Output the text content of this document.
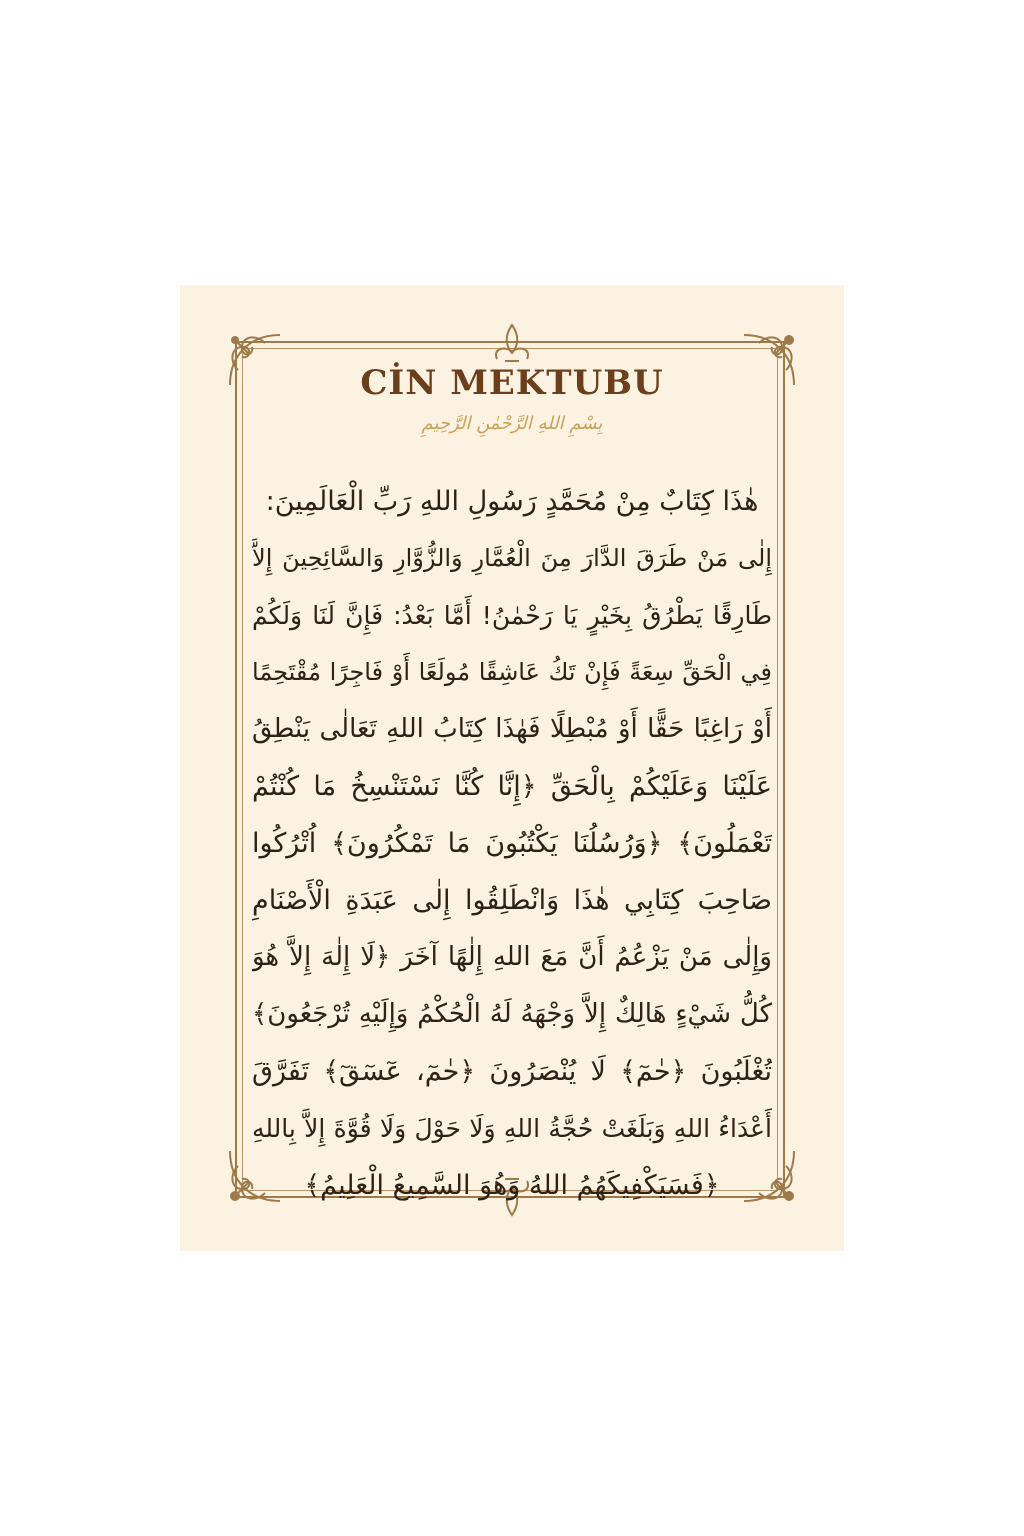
CİN MEKTUBU
بِسْمِ اللهِ الرَّحْمٰنِ الرَّحِيمِ
هٰذَا كِتَابٌ مِنْ مُحَمَّدٍ رَسُولِ اللهِ رَبِّ الْعَالَمِينَ:
إِلٰى مَنْ طَرَقَ الدَّارَ مِنَ الْعُمَّارِ وَالزُّوَّارِ وَالسَّائِحِينَ إِلاَّ
طَارِقًا يَطْرُقُ بِخَيْرٍ يَا رَحْمٰنُ! أَمَّا بَعْدُ: فَإِنَّ لَنَا وَلَكُمْ
فِي الْحَقِّ سِعَةً فَإِنْ تَكُ عَاشِقًا مُولَعًا أَوْ فَاجِرًا مُقْتَحِمًا
أَوْ رَاغِبًا حَقًّا أَوْ مُبْطِلًا فَهٰذَا كِتَابُ اللهِ تَعَالٰى يَنْطِقُ
عَلَيْنَا وَعَلَيْكُمْ بِالْحَقِّ ﴿إِنَّا كُنَّا نَسْتَنْسِخُ مَا كُنْتُمْ
تَعْمَلُونَ﴾ ﴿وَرُسُلُنَا يَكْتُبُونَ مَا تَمْكُرُونَ﴾ اُتْرُكُوا
صَاحِبَ كِتَابِي هٰذَا وَانْطَلِقُوا إِلٰى عَبَدَةِ الْأَصْنَامِ
وَإِلٰى مَنْ يَزْعُمُ أَنَّ مَعَ اللهِ إِلٰهًا آخَرَ ﴿لَا إِلٰهَ إِلاَّ هُوَ
كُلُّ شَيْءٍ هَالِكٌ إِلاَّ وَجْهَهُ لَهُ الْحُكْمُ وَإِلَيْهِ تُرْجَعُونَ﴾
تُغْلَبُونَ ﴿حٰمٓ﴾ لَا يُنْصَرُونَ ﴿حٰمٓ، عٓسٓقٓ﴾ تَفَرَّقَ
أَعْدَاءُ اللهِ وَبَلَغَتْ حُجَّةُ اللهِ وَلَا حَوْلَ وَلَا قُوَّةَ إِلاَّ بِاللهِ
﴿فَسَيَكْفِيكَهُمُ اللهُ وَهُوَ السَّمِيعُ الْعَلِيمُ﴾
